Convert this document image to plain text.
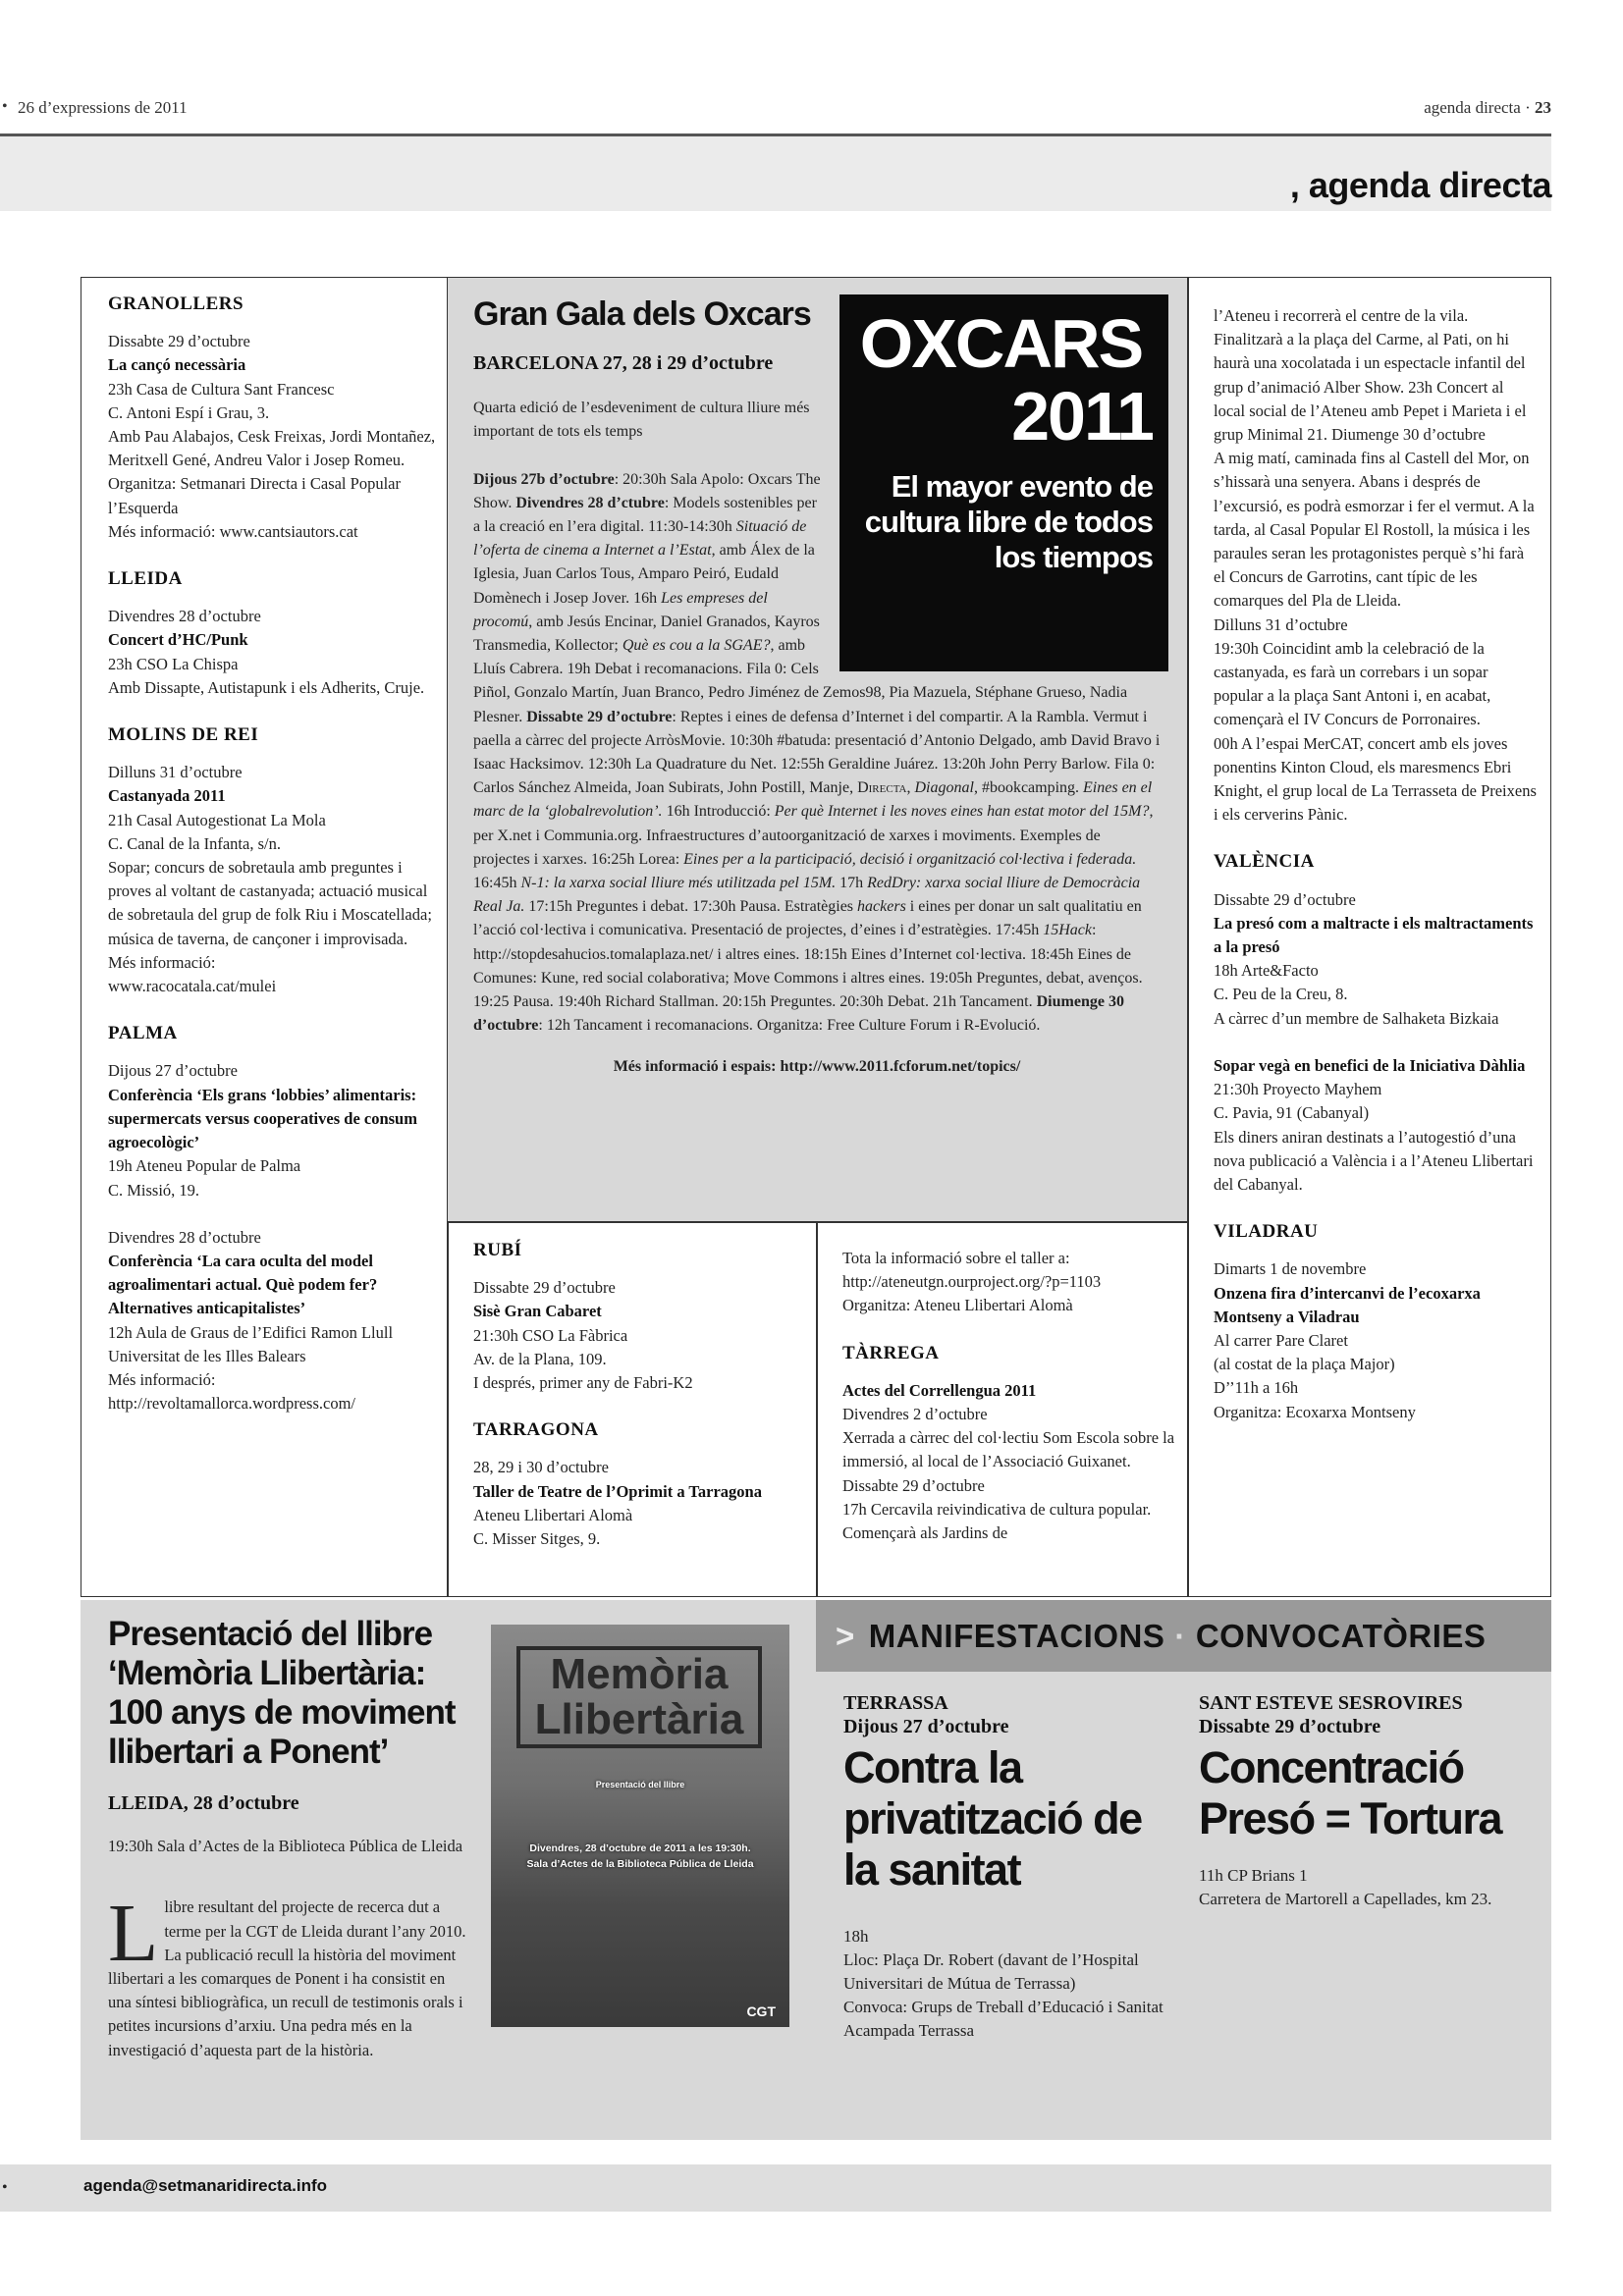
• 26 d’expressions de 2011	agenda directa · 23
, agenda directa
GRANOLLERS
Dissabte 29 d’octubre
La cançó necessària
23h Casa de Cultura Sant Francesc
C. Antoni Espí i Grau, 3.
Amb Pau Alabajos, Cesk Freixas, Jordi Montañez, Meritxell Gené, Andreu Valor i Josep Romeu.
Organitza: Setmanari Directa i Casal Popular l’Esquerda
Més informació: www.cantsiautors.cat
LLEIDA
Divendres 28 d’octubre
Concert d’HC/Punk
23h CSO La Chispa
Amb Dissapte, Autistapunk i els Adherits, Cruje.
MOLINS DE REI
Dilluns 31 d’octubre
Castanyada 2011
21h Casal Autogestionat La Mola
C. Canal de la Infanta, s/n.
Sopar; concurs de sobretaula amb preguntes i proves al voltant de castanyada; actuació musical de sobretaula del grup de folk Riu i Moscatellada; música de taverna, de cançoner i improvisada.
Més informació:
www.racocatala.cat/mulei
PALMA
Dijous 27 d’octubre
Conferència ‘Els grans ‘lobbies’ alimentaris: supermercats versus cooperatives de consum agroecològic’
19h Ateneu Popular de Palma
C. Missió, 19.
Divendres 28 d’octubre
Conferència ‘La cara oculta del model agroalimentari actual. Què podem fer? Alternatives anticapitalistes’
12h Aula de Graus de l’Edifici Ramon Llull
Universitat de les Illes Balears
Més informació: http://revoltamallorca.wordpress.com/
OXCARS
2011
El mayor evento de cultura libre de todos los tiempos
Gran Gala dels Oxcars
BARCELONA 27, 28 i 29 d’octubre
Quarta edició de l’esdeveniment de cultura lliure més important de tots els temps
Dijous 27b d’octubre: 20:30h Sala Apolo: Oxcars The Show. Divendres 28 d’ctubre: Models sostenibles per a la creació en l’era digital. 11:30-14:30h Situació de l’oferta de cinema a Internet a l’Estat, amb Álex de la Iglesia, Juan Carlos Tous, Amparo Peiró, Eudald Domènech i Josep Jover. 16h Les empreses del procomú, amb Jesús Encinar, Daniel Granados, Kayros Transmedia, Kollector; Què es cou a la SGAE?, amb Lluís Cabrera. 19h Debat i recomanacions. Fila 0: Cels Piñol, Gonzalo Martín, Juan Branco, Pedro Jiménez de Zemos98, Pia Mazuela, Stéphane Grueso, Nadia Plesner. Dissabte 29 d’octubre: Reptes i eines de defensa d’Internet i del compartir. A la Rambla. Vermut i paella a càrrec del projecte ArròsMovie. 10:30h #batuda: presentació d’Antonio Delgado, amb David Bravo i Isaac Hacksimov. 12:30h La Quadrature du Net. 12:55h Geraldine Juárez. 13:20h John Perry Barlow. Fila 0: Carlos Sánchez Almeida, Joan Subirats, John Postill, Manje, Directa, Diagonal, #bookcamping. Eines en el marc de la ‘globalrevolution’. 16h Introducció: Per què Internet i les noves eines han estat motor del 15M?, per X.net i Communia.org. Infraestructures d’autoorganització de xarxes i moviments. Exemples de projectes i xarxes. 16:25h Lorea: Eines per a la participació, decisió i organització col·lectiva i federada. 16:45h N-1: la xarxa social lliure més utilitzada pel 15M. 17h RedDry: xarxa social lliure de Democràcia Real Ja. 17:15h Preguntes i debat. 17:30h Pausa. Estratègies hackers i eines per donar un salt qualitatiu en l’acció col·lectiva i comunicativa. Presentació de projectes, d’eines i d’estratègies. 17:45h 15Hack: http://stopdesahucios.tomalaplaza.net/ i altres eines. 18:15h Eines d’Internet col·lectiva. 18:45h Eines de Comunes: Kune, red social colaborativa; Move Commons i altres eines. 19:05h Preguntes, debat, avenços. 19:25 Pausa. 19:40h Richard Stallman. 20:15h Preguntes. 20:30h Debat. 21h Tancament. Diumenge 30 d’octubre: 12h Tancament i recomanacions. Organitza: Free Culture Forum i R-Evolució.
Més informació i espais: http://www.2011.fcforum.net/topics/
RUBÍ
Dissabte 29 d’octubre
Sisè Gran Cabaret
21:30h CSO La Fàbrica
Av. de la Plana, 109.
I després, primer any de Fabri-K2
TARRAGONA
28, 29 i 30 d’octubre
Taller de Teatre de l’Oprimit a Tarragona
Ateneu Llibertari Alomà
C. Misser Sitges, 9.
Tota la informació sobre el taller a:
http://ateneutgn.ourproject.org/?p=1103
Organitza: Ateneu Llibertari Alomà
TÀRREGA
Actes del Correllengua 2011
Divendres 2 d’octubre
Xerrada a càrrec del col·lectiu Som Escola sobre la immersió, al local de l’Associació Guixanet. Dissabte 29 d’octubre
17h Cercavila reivindicativa de cultura popular. Començarà als Jardins de
l’Ateneu i recorrerà el centre de la vila. Finalitzarà a la plaça del Carme, al Pati, on hi haurà una xocolatada i un espectacle infantil del grup d’animació Alber Show. 23h Concert al local social de l’Ateneu amb Pepet i Marieta i el grup Minimal 21. Diumenge 30 d’octubre
A mig matí, caminada fins al Castell del Mor, on s’hissarà una senyera. Abans i després de l’excursió, es podrà esmorzar i fer el vermut. A la tarda, al Casal Popular El Rostoll, la música i les paraules seran les protagonistes perquè s’hi farà el Concurs de Garrotins, cant típic de les comarques del Pla de Lleida.
Dilluns 31 d’octubre
19:30h Coincidint amb la celebració de la castanyada, es farà un correbars i un sopar popular a la plaça Sant Antoni i, en acabat, començarà el IV Concurs de Porronaires.
00h A l’espai MerCAT, concert amb els joves ponentins Kinton Cloud, els maresmencs Ebri Knight, el grup local de La Terrasseta de Preixens i els cerverins Pànic.
VALÈNCIA
Dissabte 29 d’octubre
La presó com a maltracte i els maltractaments a la presó
18h Arte&Facto
C. Peu de la Creu, 8.
A càrrec d’un membre de Salhaketa Bizkaia
Sopar vegà en benefici de la Iniciativa Dàhlia
21:30h Proyecto Mayhem
C. Pavia, 91 (Cabanyal)
Els diners aniran destinats a l’autogestió d’una nova publicació a València i a l’Ateneu Llibertari del Cabanyal.
VILADRAU
Dimarts 1 de novembre
Onzena fira d’intercanvi de l’ecoxarxa Montseny a Viladrau
Al carrer Pare Claret
(al costat de la plaça Major)
D’’11h a 16h
Organitza: Ecoxarxa Montseny
Presentació del llibre ‘Memòria Llibertària: 100 anys de moviment llibertari a Ponent’
LLEIDA, 28 d’octubre
19:30h Sala d’Actes de la Biblioteca Pública de Lleida
Llibre resultant del projecte de recerca dut a terme per la CGT de Lleida durant l’any 2010. La publicació recull la història del moviment llibertari a les comarques de Ponent i ha consistit en una síntesi bibliogràfica, un recull de testimonis orals i petites incursions d’arxiu. Una pedra més en la investigació d’aquesta part de la història.
Memòria Llibertària
Presentació del llibre
Divendres, 28 d’octubre de 2011 a les 19:30h.
Sala d’Actes de la Biblioteca Pública de Lleida
CGT
> MANIFESTACIONS · CONVOCATÒRIES
TERRASSA
Dijous 27 d’octubre
Contra la privatització de la sanitat
18h
Lloc: Plaça Dr. Robert (davant de l’Hospital Universitari de Mútua de Terrassa)
Convoca: Grups de Treball d’Educació i Sanitat Acampada Terrassa
SANT ESTEVE SESROVIRES
Dissabte 29 d’octubre
Concentració Presó = Tortura
11h CP Brians 1
Carretera de Martorell a Capellades, km 23.
•	agenda@setmanaridirecta.info
